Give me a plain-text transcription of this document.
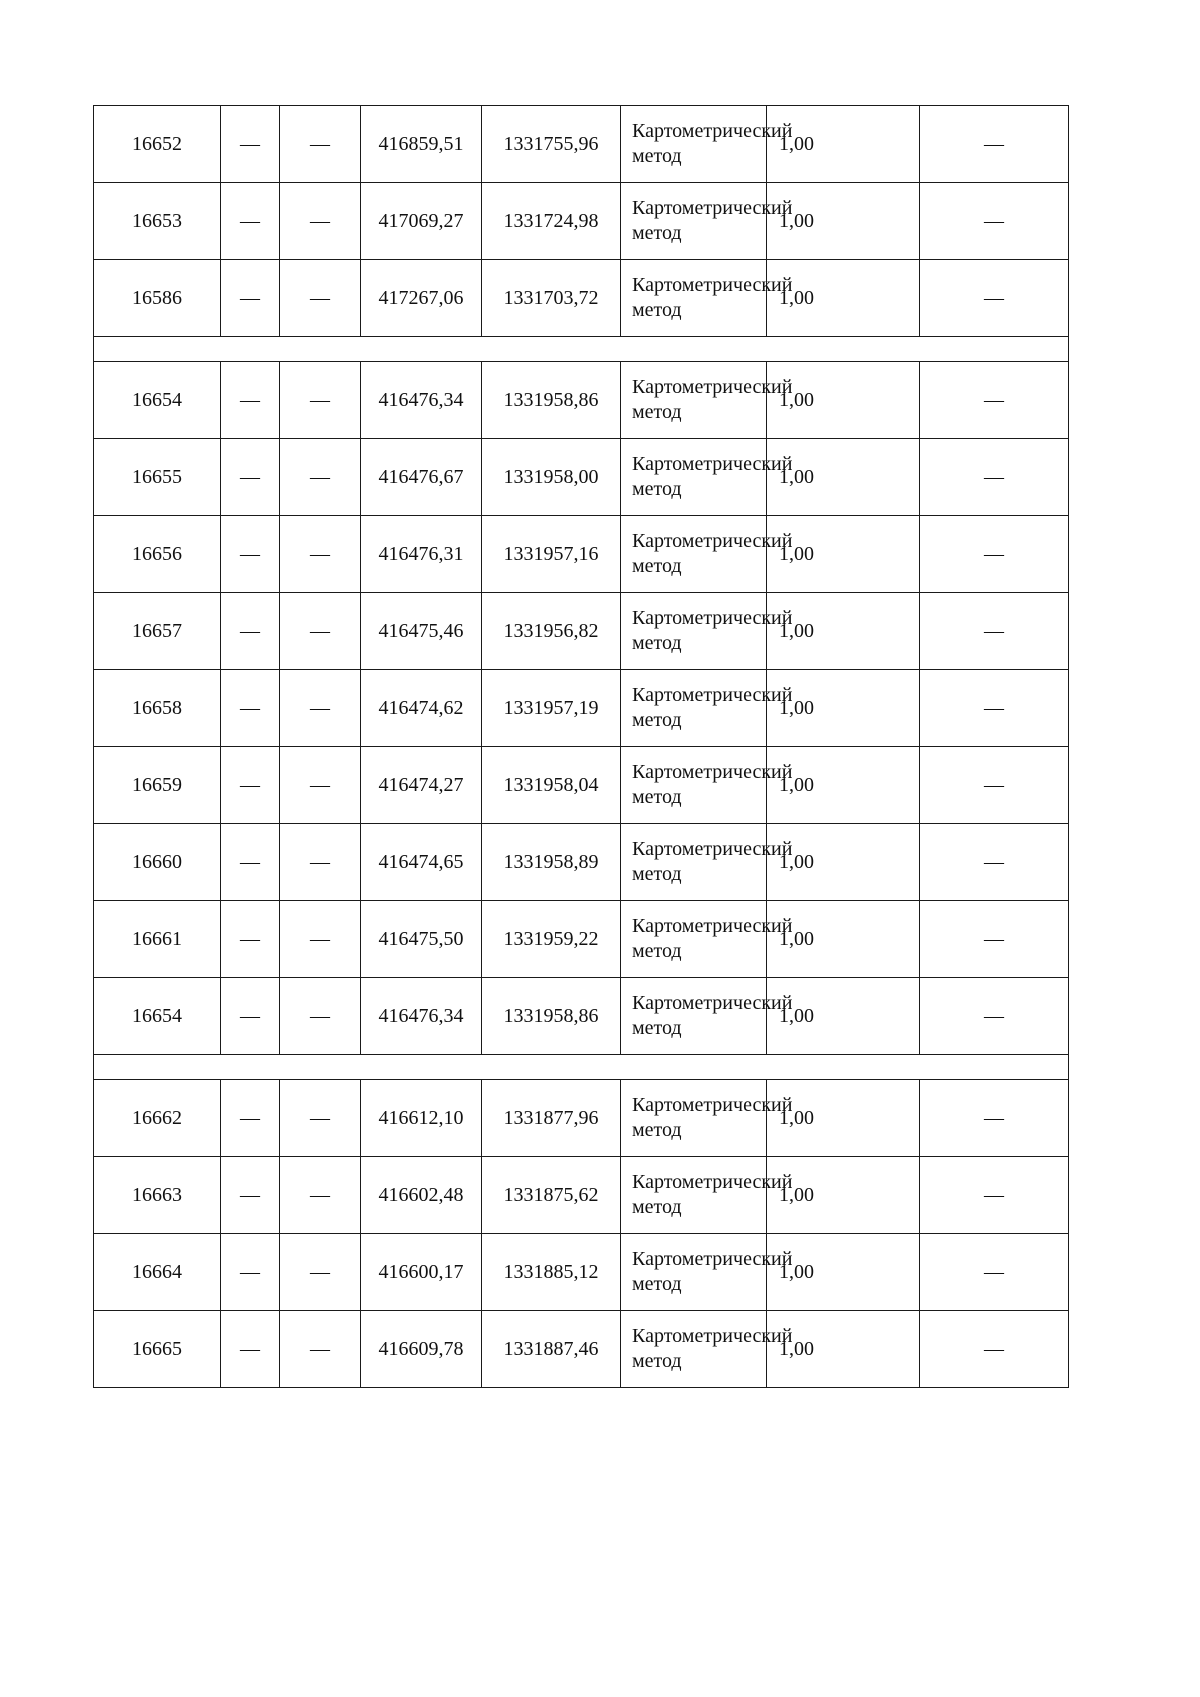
16652	—	—	416859,51	1331755,96	Картометрический метод	1,00	—
16653	—	—	417069,27	1331724,98	Картометрический метод	1,00	—
16586	—	—	417267,06	1331703,72	Картометрический метод	1,00	—

16654	—	—	416476,34	1331958,86	Картометрический метод	1,00	—
16655	—	—	416476,67	1331958,00	Картометрический метод	1,00	—
16656	—	—	416476,31	1331957,16	Картометрический метод	1,00	—
16657	—	—	416475,46	1331956,82	Картометрический метод	1,00	—
16658	—	—	416474,62	1331957,19	Картометрический метод	1,00	—
16659	—	—	416474,27	1331958,04	Картометрический метод	1,00	—
16660	—	—	416474,65	1331958,89	Картометрический метод	1,00	—
16661	—	—	416475,50	1331959,22	Картометрический метод	1,00	—
16654	—	—	416476,34	1331958,86	Картометрический метод	1,00	—

16662	—	—	416612,10	1331877,96	Картометрический метод	1,00	—
16663	—	—	416602,48	1331875,62	Картометрический метод	1,00	—
16664	—	—	416600,17	1331885,12	Картометрический метод	1,00	—
16665	—	—	416609,78	1331887,46	Картометрический метод	1,00	—
